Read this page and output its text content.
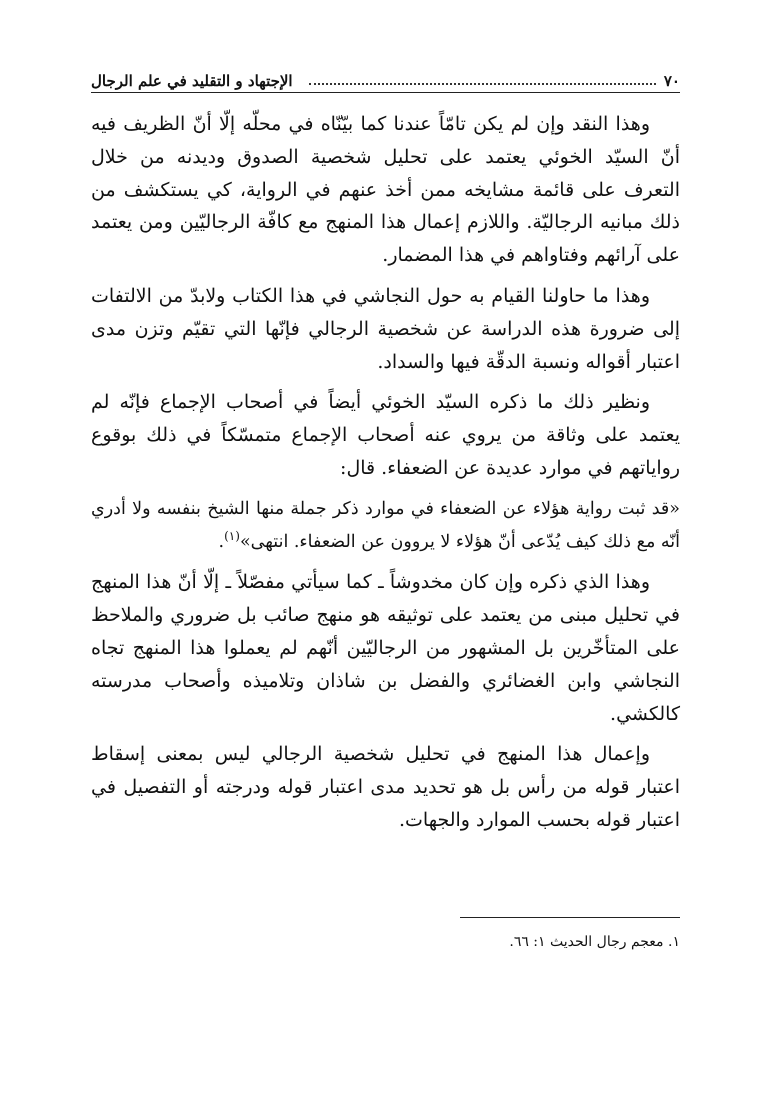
٧٠
الإجتهاد و التقليد في علم الرجال

وهذا النقد وإن لم يكن تامّاً عندنا كما بيّنّاه في محلّه إلّا أنّ الظريف فيه أنّ السيّد الخوئي يعتمد على تحليل شخصية الصدوق وديدنه من خلال التعرف على قائمة مشايخه ممن أخذ عنهم في الرواية، كي يستكشف من ذلك مبانيه الرجاليّة. واللازم إعمال هذا المنهج مع كافّة الرجاليّين ومن يعتمد على آرائهم وفتاواهم في هذا المضمار.

وهذا ما حاولنا القيام به حول النجاشي في هذا الكتاب ولابدّ من الالتفات إلى ضرورة هذه الدراسة عن شخصية الرجالي فإنّها التي تقيّم وتزن مدى اعتبار أقواله ونسبة الدقّة فيها والسداد.

ونظير ذلك ما ذكره السيّد الخوئي أيضاً في أصحاب الإجماع فإنّه لم يعتمد على وثاقة من يروي عنه أصحاب الإجماع متمسّكاً في ذلك بوقوع رواياتهم في موارد عديدة عن الضعفاء. قال:

«قد ثبت رواية هؤلاء عن الضعفاء في موارد ذكر جملة منها الشيخ بنفسه ولا أدري أنّه مع ذلك كيف يُدّعى أنّ هؤلاء لا يروون عن الضعفاء. انتهى»$^{(١)}$.

وهذا الذي ذكره وإن كان مخدوشاً ـ كما سيأتي مفصّلاً ـ إلّا أنّ هذا المنهج في تحليل مبنى من يعتمد على توثيقه هو منهج صائب بل ضروري والملاحظ على المتأخّرين بل المشهور من الرجاليّين أنّهم لم يعملوا هذا المنهج تجاه النجاشي وابن الغضائري والفضل بن شاذان وتلاميذه وأصحاب مدرسته كالكشي.

وإعمال هذا المنهج في تحليل شخصية الرجالي ليس بمعنى إسقاط اعتبار قوله من رأس بل هو تحديد مدى اعتبار قوله ودرجته أو التفصيل في اعتبار قوله بحسب الموارد والجهات.

١. معجم رجال الحديث ١: ٦٦.
